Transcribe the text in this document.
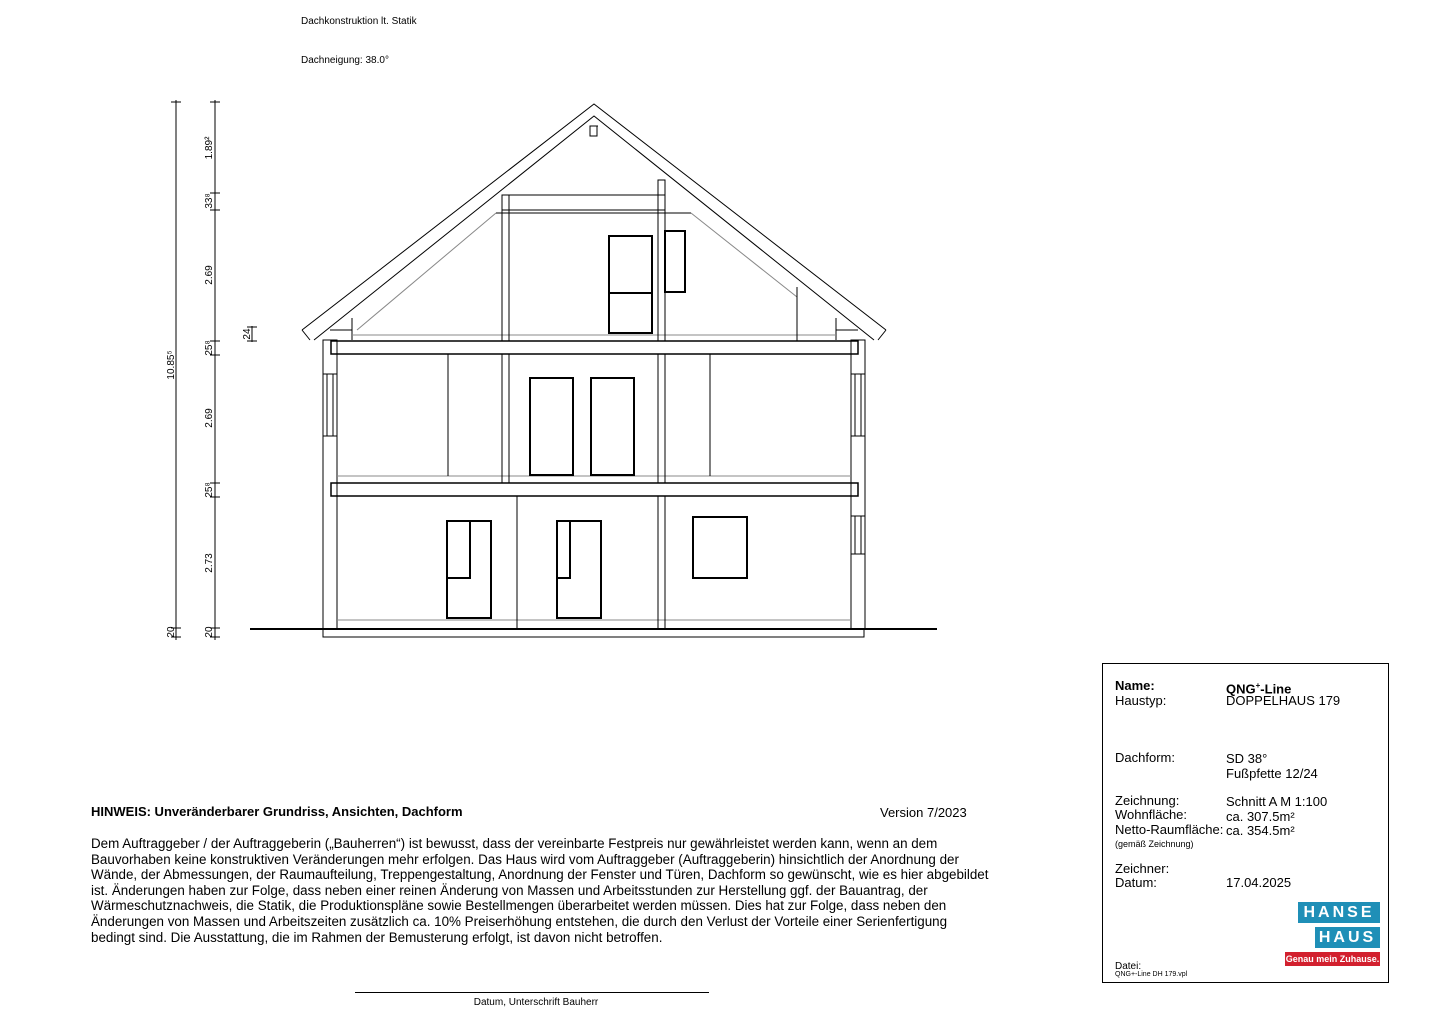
Dachkonstruktion lt. Statik
Dachneigung: 38.0°
10.85⁵
20	20
2.73
25⁸
2.69
25⁸
2.69
33⁸
1.89²
24
HINWEIS: Unveränderbarer Grundriss, Ansichten, Dachform	Version 7/2023
Dem Auftraggeber / der Auftraggeberin („Bauherren“) ist bewusst, dass der vereinbarte Festpreis nur gewährleistet werden kann, wenn an dem Bauvorhaben keine konstruktiven Veränderungen mehr erfolgen. Das Haus wird vom Auftraggeber (Auftraggeberin) hinsichtlich der Anordnung der Wände, der Abmessungen, der Raumaufteilung, Treppengestaltung, Anordnung der Fenster und Türen, Dachform so gewünscht, wie es hier abgebildet ist. Änderungen haben zur Folge, dass neben einer reinen Änderung von Massen und Arbeitsstunden zur Herstellung ggf. der Bauantrag, der Wärmeschutznachweis, die Statik, die Produktionspläne sowie Bestellmengen überarbeitet werden müssen. Dies hat zur Folge, dass neben den Änderungen von Massen und Arbeitszeiten zusätzlich ca. 10% Preiserhöhung entstehen, die durch den Verlust der Vorteile einer Serienfertigung bedingt sind. Die Ausstattung, die im Rahmen der Bemusterung erfolgt, ist davon nicht betroffen.
Datum, Unterschrift Bauherr
Name:	QNG+-Line
Haustyp:	DOPPELHAUS 179
Dachform:	SD 38°
Fußpfette 12/24
Zeichnung:	Schnitt A M 1:100
Wohnfläche:	ca. 307.5m²
Netto-Raumfläche: ca. 354.5m²
(gemäß Zeichnung)
Zeichner:
Datum:	17.04.2025
Datei:
QNG+-Line DH 179.vpl
HANSE
HAUS
Genau mein Zuhause.
